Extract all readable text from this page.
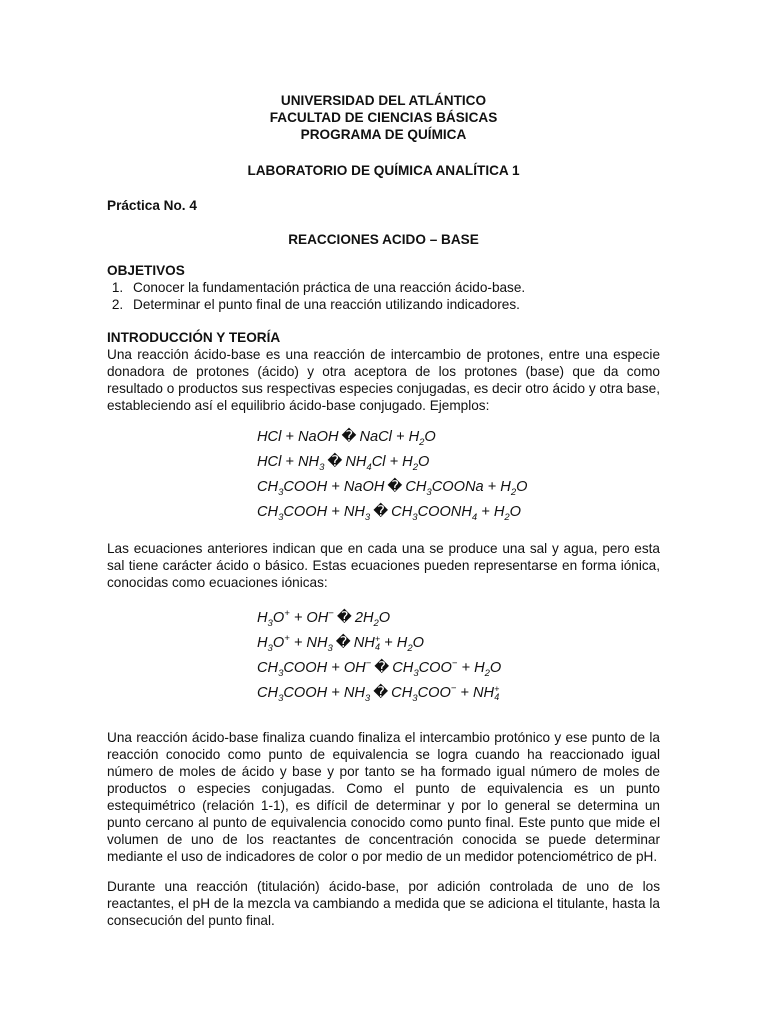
UNIVERSIDAD DEL ATLÁNTICO
FACULTAD DE CIENCIAS BÁSICAS
PROGRAMA DE QUÍMICA
LABORATORIO DE QUÍMICA ANALÍTICA 1
Práctica No. 4
REACCIONES ACIDO – BASE
OBJETIVOS
1. Conocer la fundamentación práctica de una reacción ácido-base.
2. Determinar el punto final de una reacción utilizando indicadores.
INTRODUCCIÓN Y TEORÍA
Una reacción ácido-base es una reacción de intercambio de protones, entre una especie donadora de protones (ácido) y otra aceptora de los protones (base) que da como resultado o productos sus respectivas especies conjugadas, es decir otro ácido y otra base, estableciendo así el equilibrio ácido-base conjugado. Ejemplos:
HCl + NaOH � NaCl + $H_2O$
HCl + $NH_3$ � $NH_4Cl + H_2O$
$CH_3COOH$ + NaOH � $CH_3COONa + H_2O$
$CH_3COOH + NH_3$ � $CH_3COONH_4 + H_2O$
Las ecuaciones anteriores indican que en cada una se produce una sal y agua, pero esta sal tiene carácter ácido o básico. Estas ecuaciones pueden representarse en forma iónica, conocidas como ecuaciones iónicas:
$H_3O^+ + OH^-$ � $2H_2O$
$H_3O^+ + NH_3$ � NH +
$4 + H_2O$
$CH_3COOH + OH^-$ � $CH_3COO^- + H_2O$
$CH_3COOH + NH_3$ � $CH_3COO^-$ + NH +
4
Una reacción ácido-base finaliza cuando finaliza el intercambio protónico y ese punto de la reacción conocido como punto de equivalencia se logra cuando ha reaccionado igual número de moles de ácido y base y por tanto se ha formado igual número de moles de productos o especies conjugadas. Como el punto de equivalencia es un punto estequimétrico (relación 1-1), es difícil de determinar y por lo general se determina un punto cercano al punto de equivalencia conocido como punto final. Este punto que mide el volumen de uno de los reactantes de concentración conocida se puede determinar mediante el uso de indicadores de color o por medio de un medidor potenciométrico de pH.
Durante una reacción (titulación) ácido-base, por adición controlada de uno de los reactantes, el pH de la mezcla va cambiando a medida que se adiciona el titulante, hasta la consecución del punto final.
